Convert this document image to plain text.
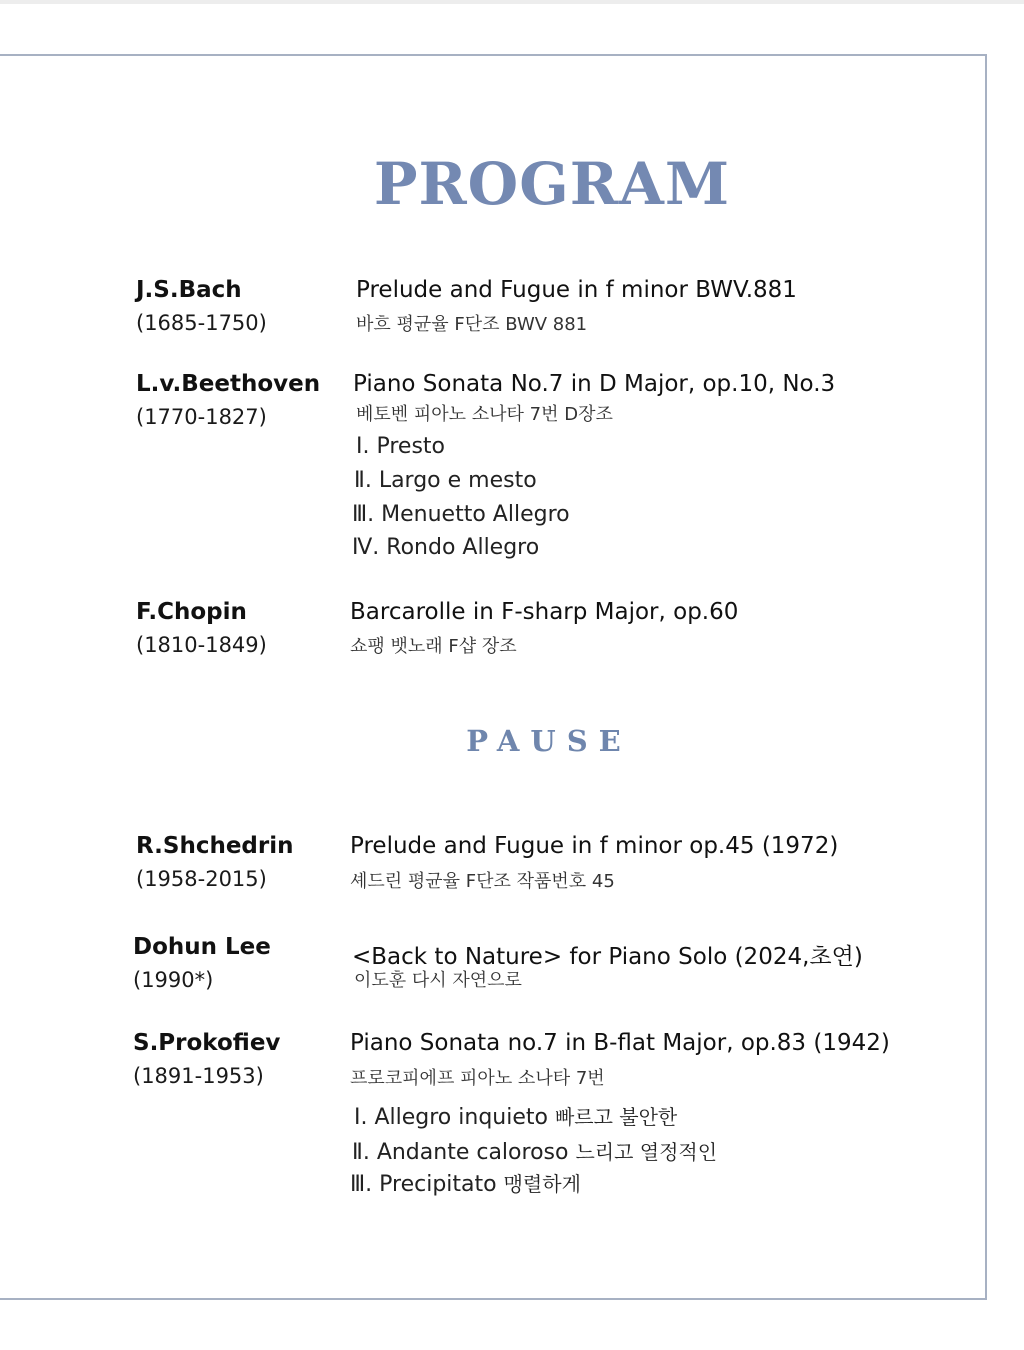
PROGRAM
J.S.Bach
(1685-1750)
Prelude and Fugue in f minor BWV.881
바흐 평균율 F단조 BWV 881
L.v.Beethoven
(1770-1827)
Piano Sonata No.7 in D Major, op.10, No.3
베토벤 피아노 소나타 7번 D장조
Ⅰ. Presto
Ⅱ. Largo e mesto
Ⅲ. Menuetto Allegro
Ⅳ. Rondo Allegro
F.Chopin
(1810-1849)
Barcarolle in F-sharp Major, op.60
쇼팽 뱃노래 F샵 장조
PAUSE
R.Shchedrin
(1958-2015)
Prelude and Fugue in f minor op.45 (1972)
셰드린 평균율 F단조 작품번호 45
Dohun Lee
(1990*)
<Back to Nature> for Piano Solo (2024,초연)
이도훈 다시 자연으로
S.Prokofiev
(1891-1953)
Piano Sonata no.7 in B-flat Major, op.83 (1942)
프로코피에프 피아노 소나타 7번
Ⅰ. Allegro inquieto 빠르고 불안한
Ⅱ. Andante caloroso 느리고 열정적인
Ⅲ. Precipitato 맹렬하게
